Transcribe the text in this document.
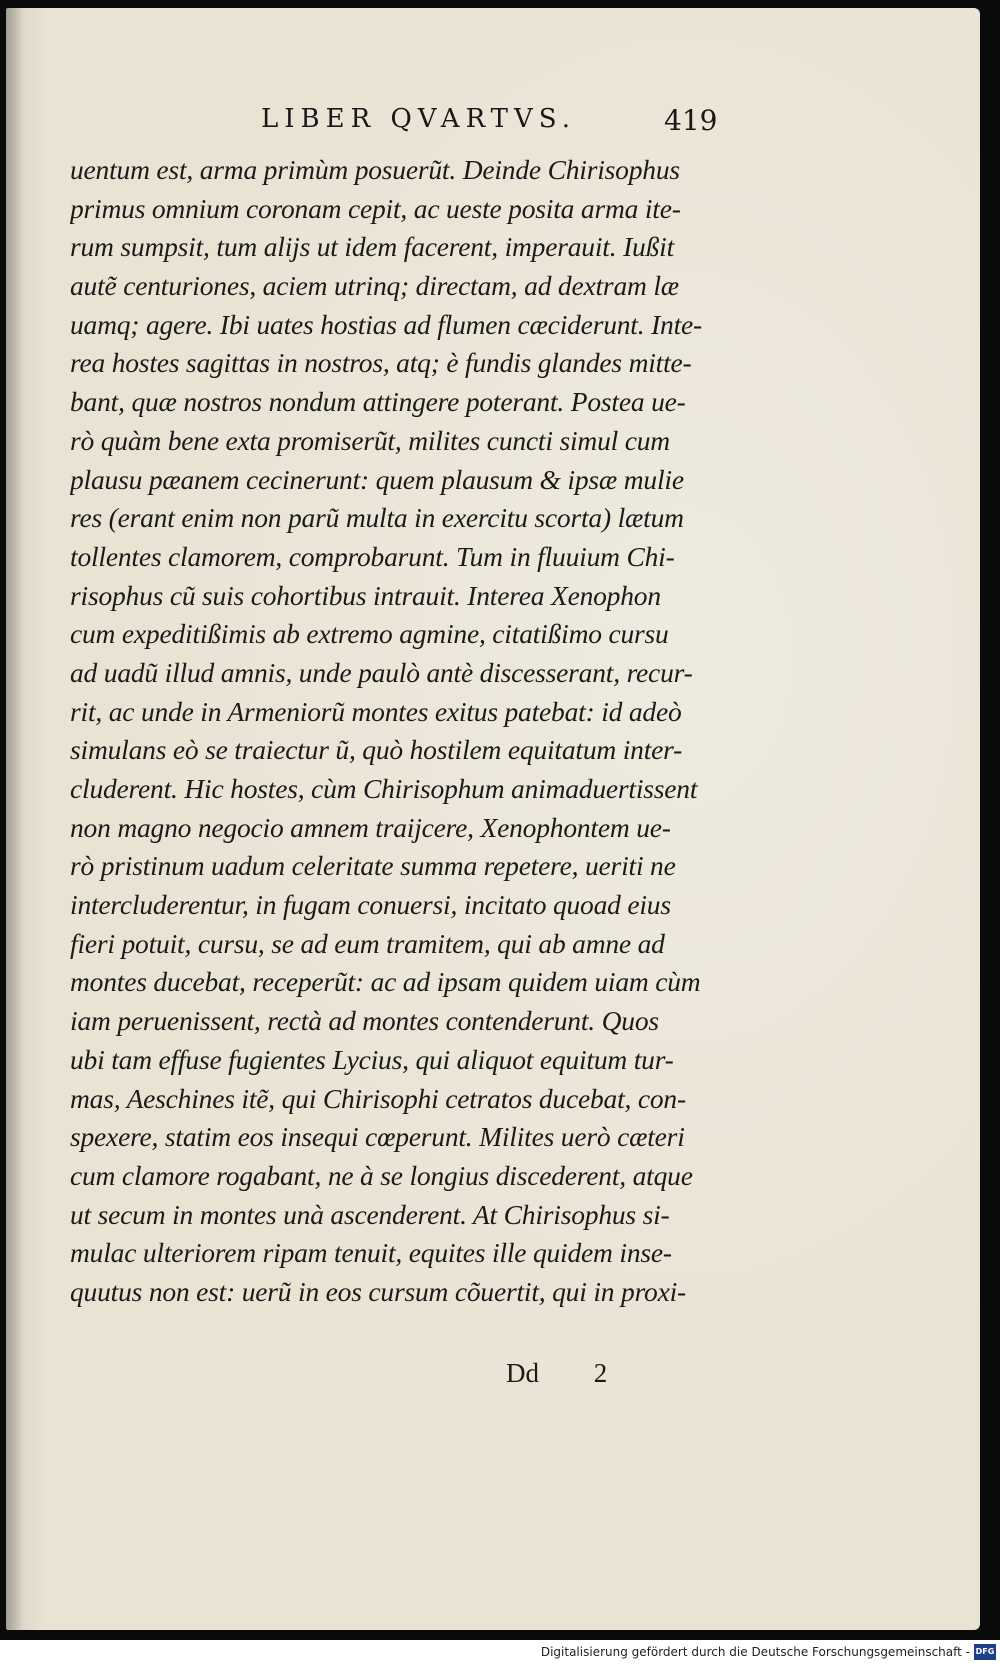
LIBER QVARTVS.	419
uentum est, arma primùm posuerũt. Deinde Chirisophus
primus omnium coronam cepit, ac ueste posita arma ite-
rum sumpsit, tum alijs ut idem facerent, imperauit. Iußit
autẽ centuriones, aciem utrinq; directam, ad dextram læ
uamq; agere. Ibi uates hostias ad flumen cæciderunt. Inte-
rea hostes sagittas in nostros, atq; è fundis glandes mitte-
bant, quæ nostros nondum attingere poterant. Postea ue-
rò quàm bene exta promiserũt, milites cuncti simul cum
plausu pæanem cecinerunt: quem plausum & ipsæ mulie
res (erant enim non parũ multa in exercitu scorta) lætum
tollentes clamorem, comprobarunt. Tum in fluuium Chi-
risophus cũ suis cohortibus intrauit. Interea Xenophon
cum expeditißimis ab extremo agmine, citatißimo cursu
ad uadũ illud amnis, unde paulò antè discesserant, recur-
rit, ac unde in Armeniorũ montes exitus patebat: id adeò
simulans eò se traiectur ũ, quò hostilem equitatum inter-
cluderent. Hic hostes, cùm Chirisophum animaduertissent
non magno negocio amnem traijcere, Xenophontem ue-
rò pristinum uadum celeritate summa repetere, ueriti ne
intercluderentur, in fugam conuersi, incitato quoad eius
fieri potuit, cursu, se ad eum tramitem, qui ab amne ad
montes ducebat, receperũt: ac ad ipsam quidem uiam cùm
iam peruenissent, rectà ad montes contenderunt. Quos
ubi tam effuse fugientes Lycius, qui aliquot equitum tur-
mas, Aeschines itẽ, qui Chirisophi cetratos ducebat, con-
spexere, statim eos insequi cœperunt. Milites uerò cæteri
cum clamore rogabant, ne à se longius discederent, atque
ut secum in montes unà ascenderent. At Chirisophus si-
mulac ulteriorem ripam tenuit, equites ille quidem inse-
quutus non est: uerũ in eos cursum cõuertit, qui in proxi-
Dd 2
Digitalisierung gefördert durch die Deutsche Forschungsgemeinschaft - DFG
